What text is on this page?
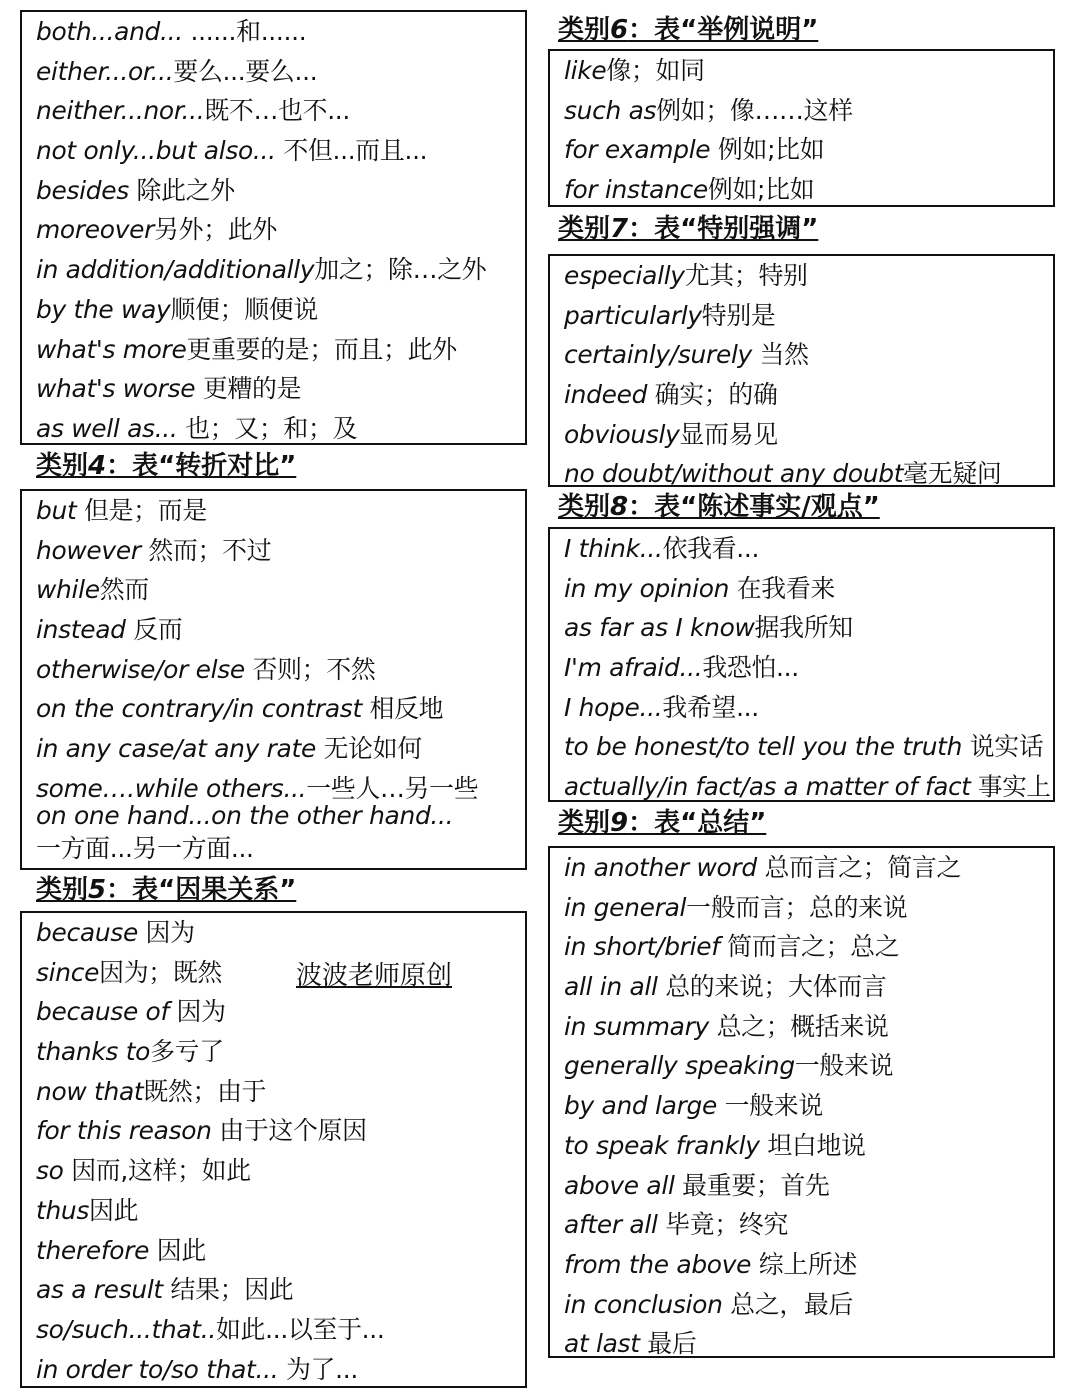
both...and... ......和......
either...or...要么...要么...
neither...nor...既不…也不...
not only...but also... 不但...而且...
besides 除此之外
moreover另外；此外
in addition/additionally加之；除…之外
by the way顺便；顺便说
what's more更重要的是；而且；此外
what's worse 更糟的是
as well as... 也；又；和；及
类别4：表“转折对比”
but 但是；而是
however 然而；不过
while然而
instead 反而
otherwise/or else 否则；不然
on the contrary/in contrast 相反地
in any case/at any rate 无论如何
some….while others...一些人…另一些
on one hand...on the other hand...
一方面...另一方面...
类别5：表“因果关系”
because 因为
since因为；既然
because of 因为
thanks to多亏了
now that既然；由于
for this reason 由于这个原因
so 因而,这样；如此
thus因此
therefore 因此
as a result 结果；因此
so/such...that..如此...以至于...
in order to/so that... 为了...
波波老师原创
类别6：表“举例说明”
like像；如同
such as例如；像……这样
for example 例如;比如
for instance例如;比如
类别7：表“特别强调”
especially尤其；特别
particularly特别是
certainly/surely 当然
indeed 确实；的确
obviously显而易见
no doubt/without any doubt毫无疑问
类别8：表“陈述事实/观点”
I think...依我看...
in my opinion 在我看来
as far as I know据我所知
I'm afraid...我恐怕...
I hope...我希望...
to be honest/to tell you the truth 说实话
actually/in fact/as a matter of fact 事实上
类别9：表“总结”
in another word 总而言之；简言之
in general一般而言；总的来说
in short/brief 简而言之；总之
all in all 总的来说；大体而言
in summary 总之；概括来说
generally speaking一般来说
by and large 一般来说
to speak frankly 坦白地说
above all 最重要；首先
after all 毕竟；终究
from the above 综上所述
in conclusion 总之，最后
at last 最后
